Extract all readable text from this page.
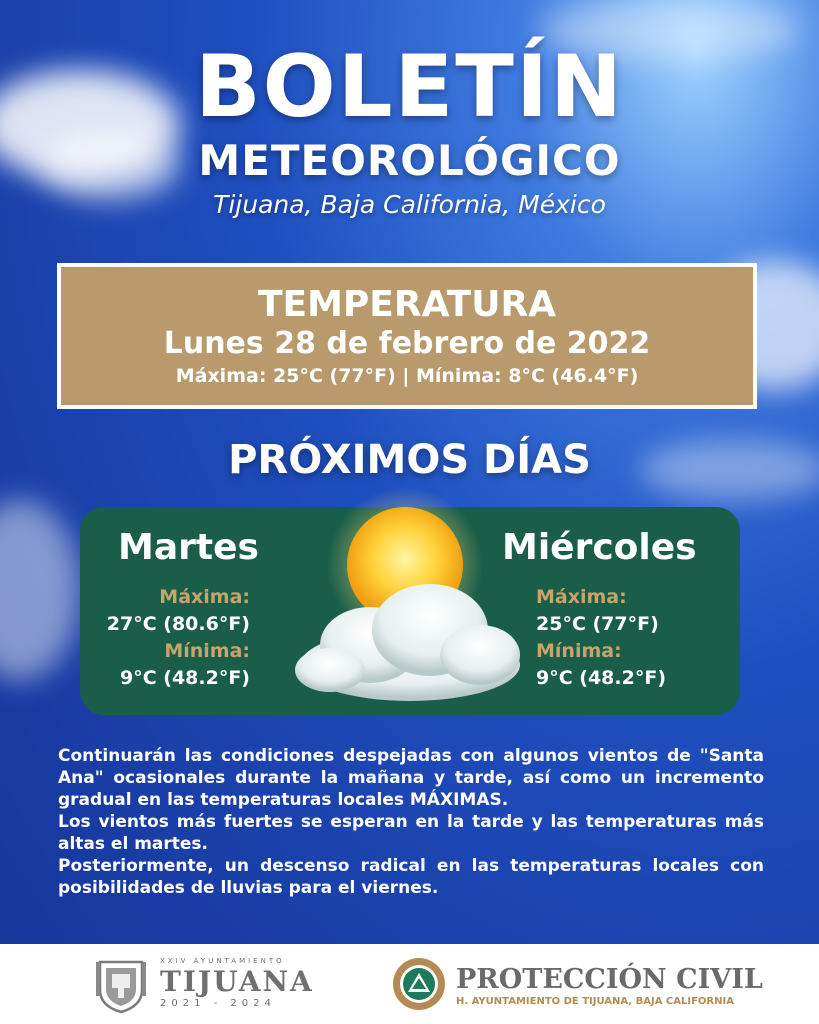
BOLETÍN
METEOROLÓGICO
Tijuana, Baja California, México
TEMPERATURA
Lunes 28 de febrero de 2022
Máxima: 25°C (77°F) | Mínima: 8°C (46.4°F)
PRÓXIMOS DÍAS
Martes
Máxima:
27°C (80.6°F)
Mínima:
9°C (48.2°F)
Miércoles
Máxima:
25°C (77°F)
Mínima:
9°C (48.2°F)

Continuarán las condiciones despejadas con algunos vientos de "Santa Ana" ocasionales durante la mañana y tarde, así como un incremento gradual en las temperaturas locales MÁXIMAS.

Los vientos más fuertes se esperan en la tarde y las temperaturas más altas el martes.

Posteriormente, un descenso radical en las temperaturas locales con posibilidades de lluvias para el viernes.

XXIV AYUNTAMIENTO
TIJUANA
2021 - 2024
PROTECCIÓN CIVIL
H. AYUNTAMIENTO DE TIJUANA, BAJA CALIFORNIA
